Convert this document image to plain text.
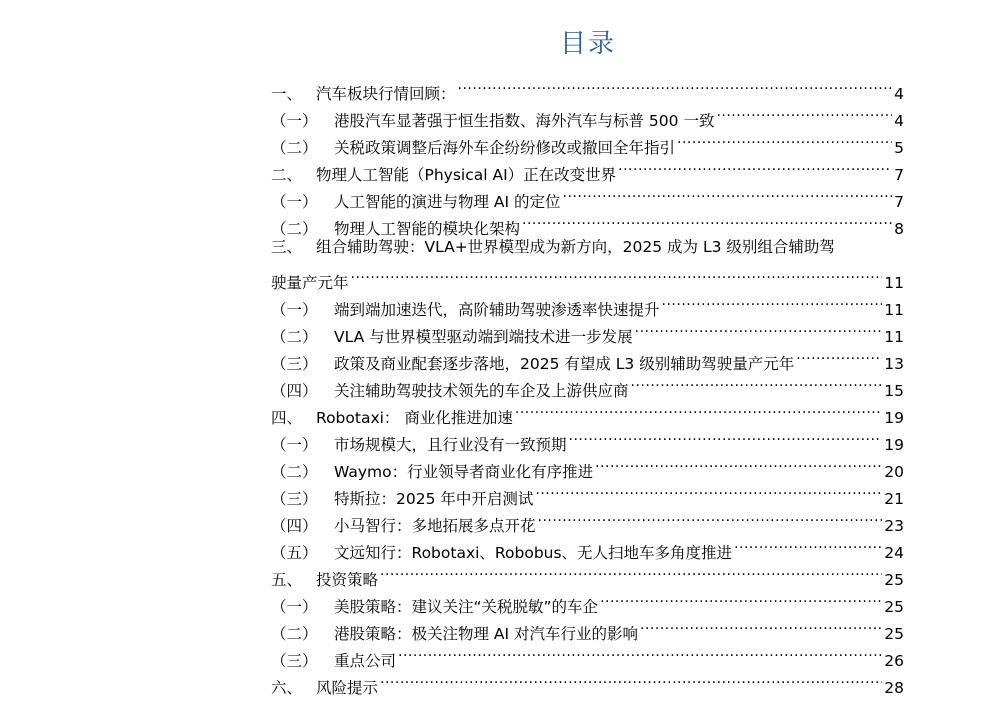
目录
一、 汽车板块行情回顾： .....	4
（一） 港股汽车显著强于恒生指数、海外汽车与标普 500 一致 .....	4
（二） 关税政策调整后海外车企纷纷修改或撤回全年指引 .....	5
二、 物理人工智能（Physical AI）正在改变世界 .....	7
（一） 人工智能的演进与物理 AI 的定位 .....	7
（二） 物理人工智能的模块化架构 .....	8
三、 组合辅助驾驶：VLA+世界模型成为新方向，2025 成为 L3 级别组合辅助驾
驶量产元年 .....	11
（一） 端到端加速迭代，高阶辅助驾驶渗透率快速提升 .....	11
（二） VLA 与世界模型驱动端到端技术进一步发展 .....	11
（三） 政策及商业配套逐步落地，2025 有望成 L3 级别辅助驾驶量产元年 .....	13
（四） 关注辅助驾驶技术领先的车企及上游供应商 .....	15
四、 Robotaxi： 商业化推进加速 .....	19
（一） 市场规模大，且行业没有一致预期 .....	19
（二） Waymo：行业领导者商业化有序推进 .....	20
（三） 特斯拉：2025 年中开启测试 .....	21
（四） 小马智行：多地拓展多点开花 .....	23
（五） 文远知行：Robotaxi、Robobus、无人扫地车多角度推进 .....	24
五、 投资策略 .....	25
（一） 美股策略：建议关注“关税脱敏”的车企 .....	25
（二） 港股策略：极关注物理 AI 对汽车行业的影响 .....	25
（三） 重点公司 .....	26
六、 风险提示 .....	28
